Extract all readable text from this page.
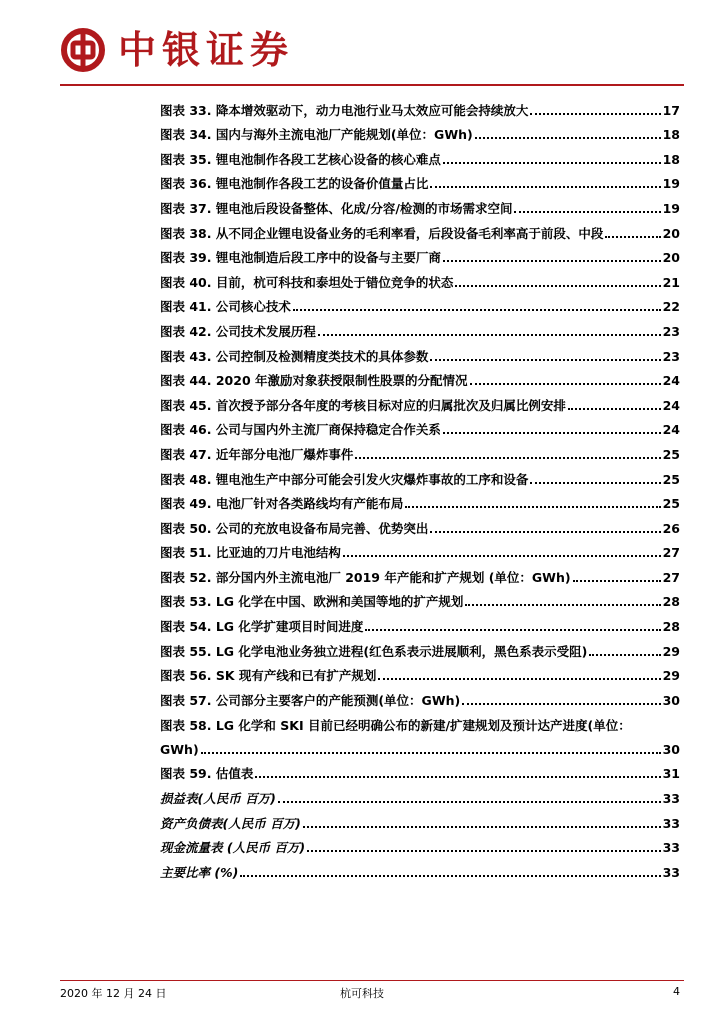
中银证券
图表 33. 降本增效驱动下，动力电池行业马太效应可能会持续放大	17
图表 34. 国内与海外主流电池厂产能规划(单位：GWh)	18
图表 35. 锂电池制作各段工艺核心设备的核心难点	18
图表 36. 锂电池制作各段工艺的设备价值量占比	19
图表 37. 锂电池后段设备整体、化成/分容/检测的市场需求空间	19
图表 38. 从不同企业锂电设备业务的毛利率看，后段设备毛利率高于前段、中段	20
图表 39. 锂电池制造后段工序中的设备与主要厂商	20
图表 40. 目前，杭可科技和泰坦处于错位竞争的状态	21
图表 41. 公司核心技术	22
图表 42. 公司技术发展历程	23
图表 43. 公司控制及检测精度类技术的具体参数	23
图表 44. 2020 年激励对象获授限制性股票的分配情况	24
图表 45. 首次授予部分各年度的考核目标对应的归属批次及归属比例安排	24
图表 46. 公司与国内外主流厂商保持稳定合作关系	24
图表 47. 近年部分电池厂爆炸事件	25
图表 48. 锂电池生产中部分可能会引发火灾爆炸事故的工序和设备	25
图表 49. 电池厂针对各类路线均有产能布局	25
图表 50. 公司的充放电设备布局完善、优势突出	26
图表 51. 比亚迪的刀片电池结构	27
图表 52. 部分国内外主流电池厂 2019 年产能和扩产规划 (单位：GWh)	27
图表 53. LG 化学在中国、欧洲和美国等地的扩产规划	28
图表 54. LG 化学扩建项目时间进度	28
图表 55. LG 化学电池业务独立进程(红色系表示进展顺利，黑色系表示受阻)	29
图表 56. SK 现有产线和已有扩产规划	29
图表 57. 公司部分主要客户的产能预测(单位：GWh)	30
图表 58. LG 化学和 SKI 目前已经明确公布的新建/扩建规划及预计达产进度(单位：
GWh)	30
图表 59. 估值表	31
损益表(人民币 百万)	33
资产负债表(人民币 百万)	33
现金流量表 (人民币 百万)	33
主要比率 (%)	33
2020 年 12 月 24 日	杭可科技	4
